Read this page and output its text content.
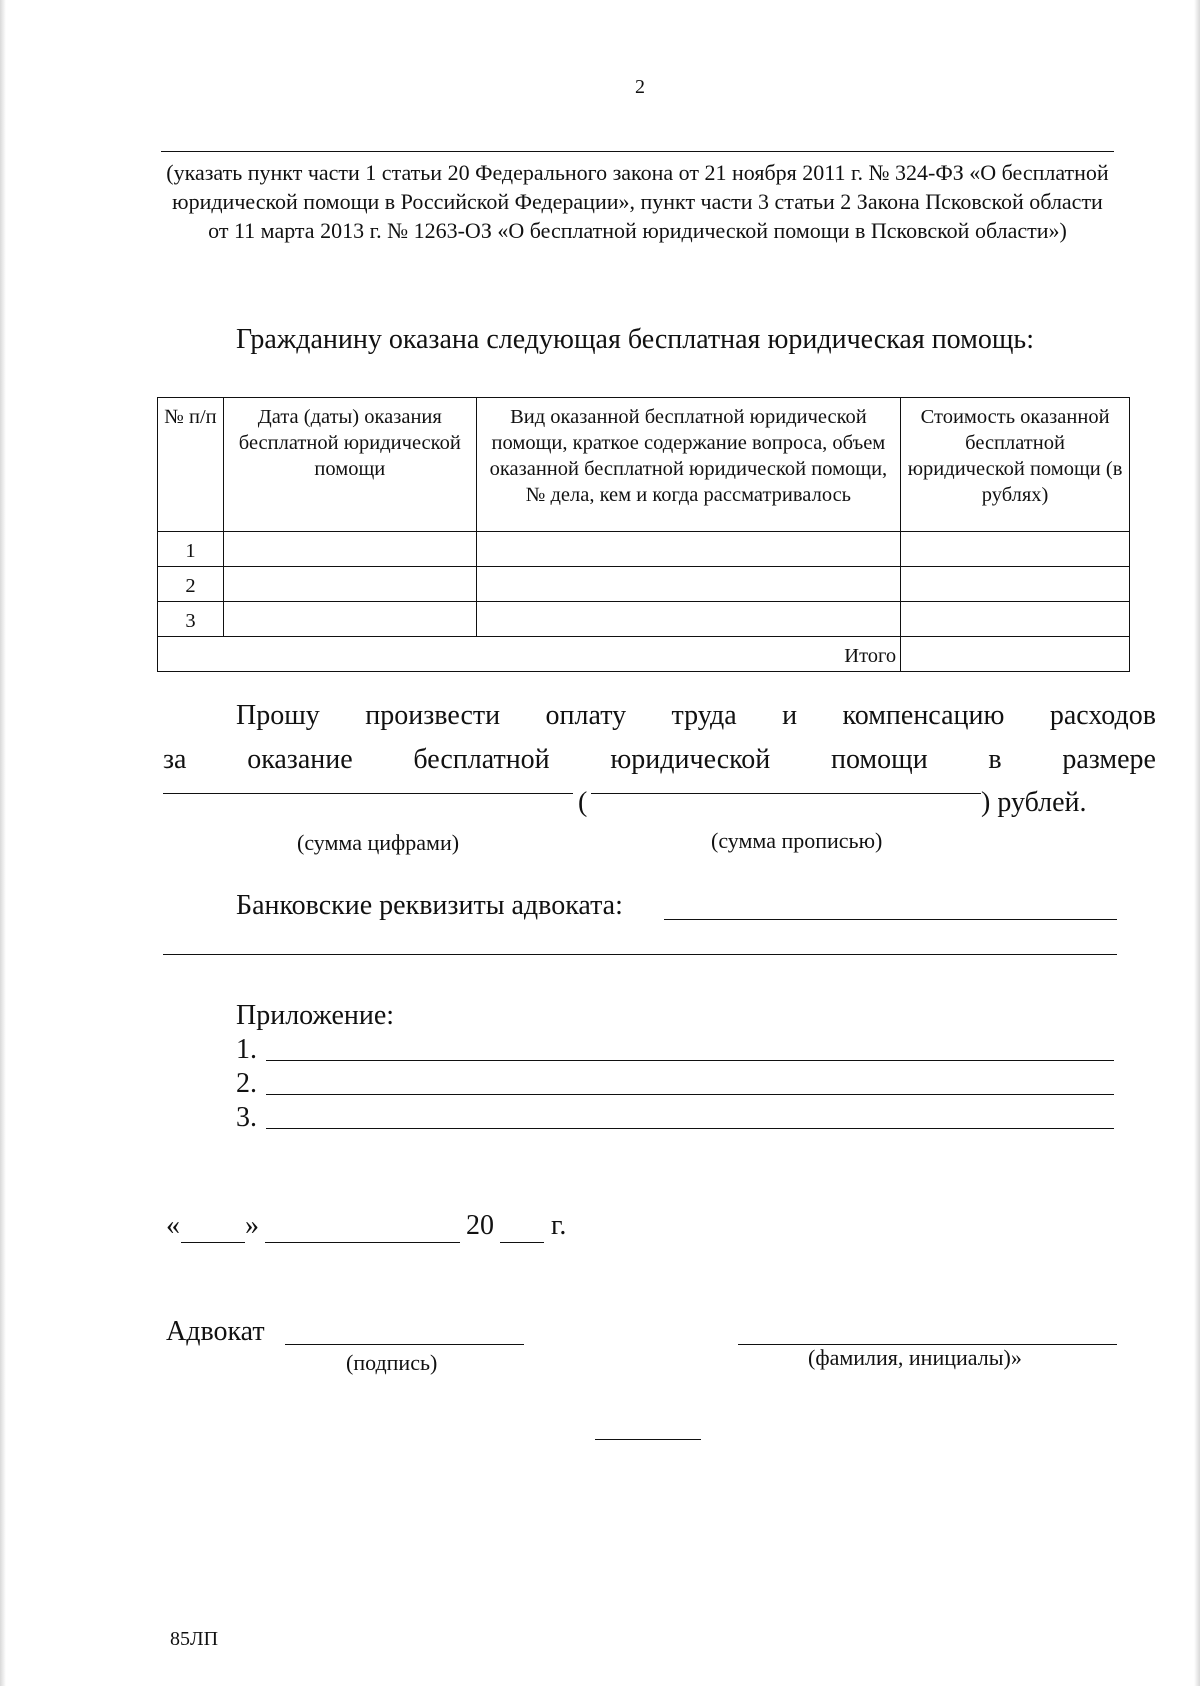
2
(указать пункт части 1 статьи 20 Федерального закона от 21 ноября 2011 г. № 324-ФЗ «О бесплатной юридической помощи в Российской Федерации», пункт части 3 статьи 2 Закона Псковской области от 11 марта 2013 г. № 1263-ОЗ «О бесплатной юридической помощи в Псковской области»)
Гражданину оказана следующая бесплатная юридическая помощь:
№ п/п	Дата (даты) оказания бесплатной юридической помощи	Вид оказанной бесплатной юридической помощи, краткое содержание вопроса, объем оказанной бесплатной юридической помощи, № дела, кем и когда рассматривалось	Стоимость оказанной бесплатной юридической помощи (в рублях)
1			
2			
3			
Итого			
Прошу произвести оплату труда и компенсацию расходов
за оказание бесплатной юридической помощи в размере
(	) рублей.
(сумма цифрами)	(сумма прописью)
Банковские реквизиты адвоката:
Приложение:
1.
2.
3.
« »	20 г.
Адвокат
(подпись)	(фамилия, инициалы)»
85ЛП
